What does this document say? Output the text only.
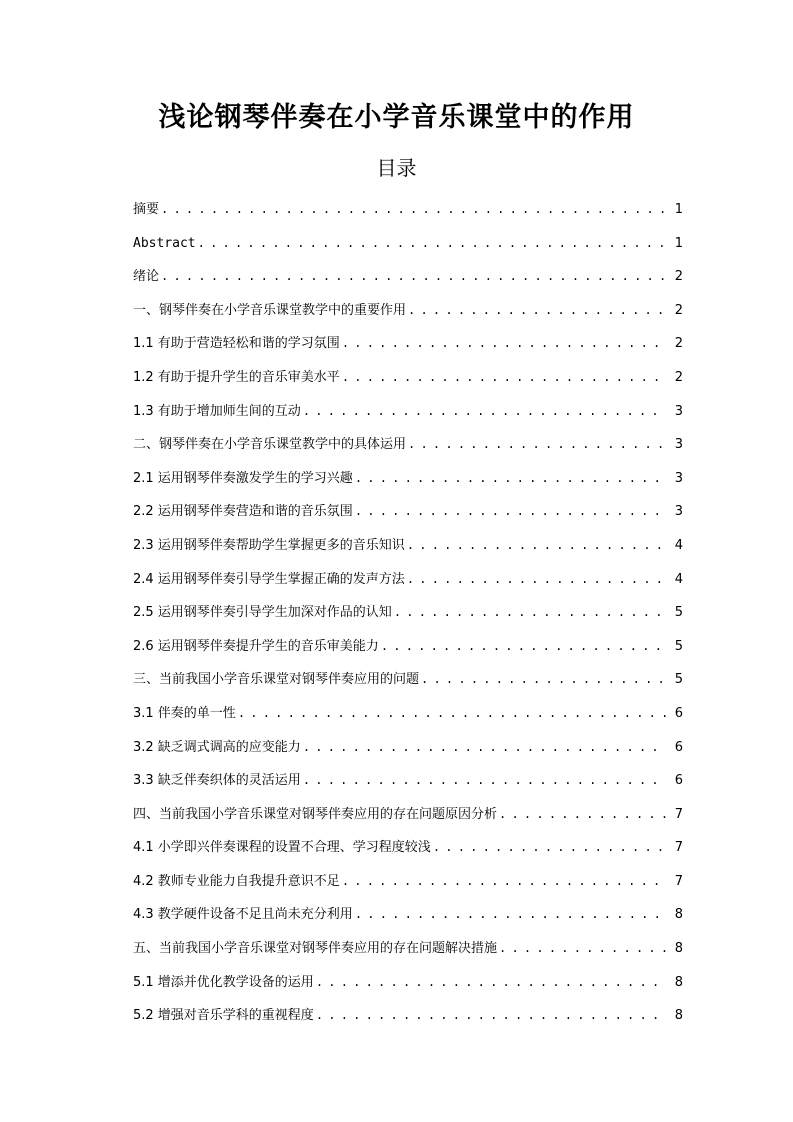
浅论钢琴伴奏在小学音乐课堂中的作用
目录
摘要 . . .	1
Abstract . . .	1
绪论 . . .	2
一、钢琴伴奏在小学音乐课堂教学中的重要作用 . . .	2
1.1 有助于营造轻松和谐的学习氛围 . . .	2
1.2 有助于提升学生的音乐审美水平 . . .	2
1.3 有助于增加师生间的互动 . . .	3
二、钢琴伴奏在小学音乐课堂教学中的具体运用 . . .	3
2.1 运用钢琴伴奏激发学生的学习兴趣 . . .	3
2.2 运用钢琴伴奏营造和谐的音乐氛围 . . .	3
2.3 运用钢琴伴奏帮助学生掌握更多的音乐知识 . . .	4
2.4 运用钢琴伴奏引导学生掌握正确的发声方法 . . .	4
2.5 运用钢琴伴奏引导学生加深对作品的认知 . . .	5
2.6 运用钢琴伴奏提升学生的音乐审美能力 . . .	5
三、当前我国小学音乐课堂对钢琴伴奏应用的问题 . . .	5
3.1 伴奏的单一性 . . .	6
3.2 缺乏调式调高的应变能力 . . .	6
3.3 缺乏伴奏织体的灵活运用 . . .	6
四、当前我国小学音乐课堂对钢琴伴奏应用的存在问题原因分析 . . .	7
4.1 小学即兴伴奏课程的设置不合理、学习程度较浅 . . .	7
4.2 教师专业能力自我提升意识不足 . . .	7
4.3 教学硬件设备不足且尚未充分利用 . . .	8
五、当前我国小学音乐课堂对钢琴伴奏应用的存在问题解决措施 . . .	8
5.1 增添并优化教学设备的运用 . . .	8
5.2 增强对音乐学科的重视程度 . . .	8
